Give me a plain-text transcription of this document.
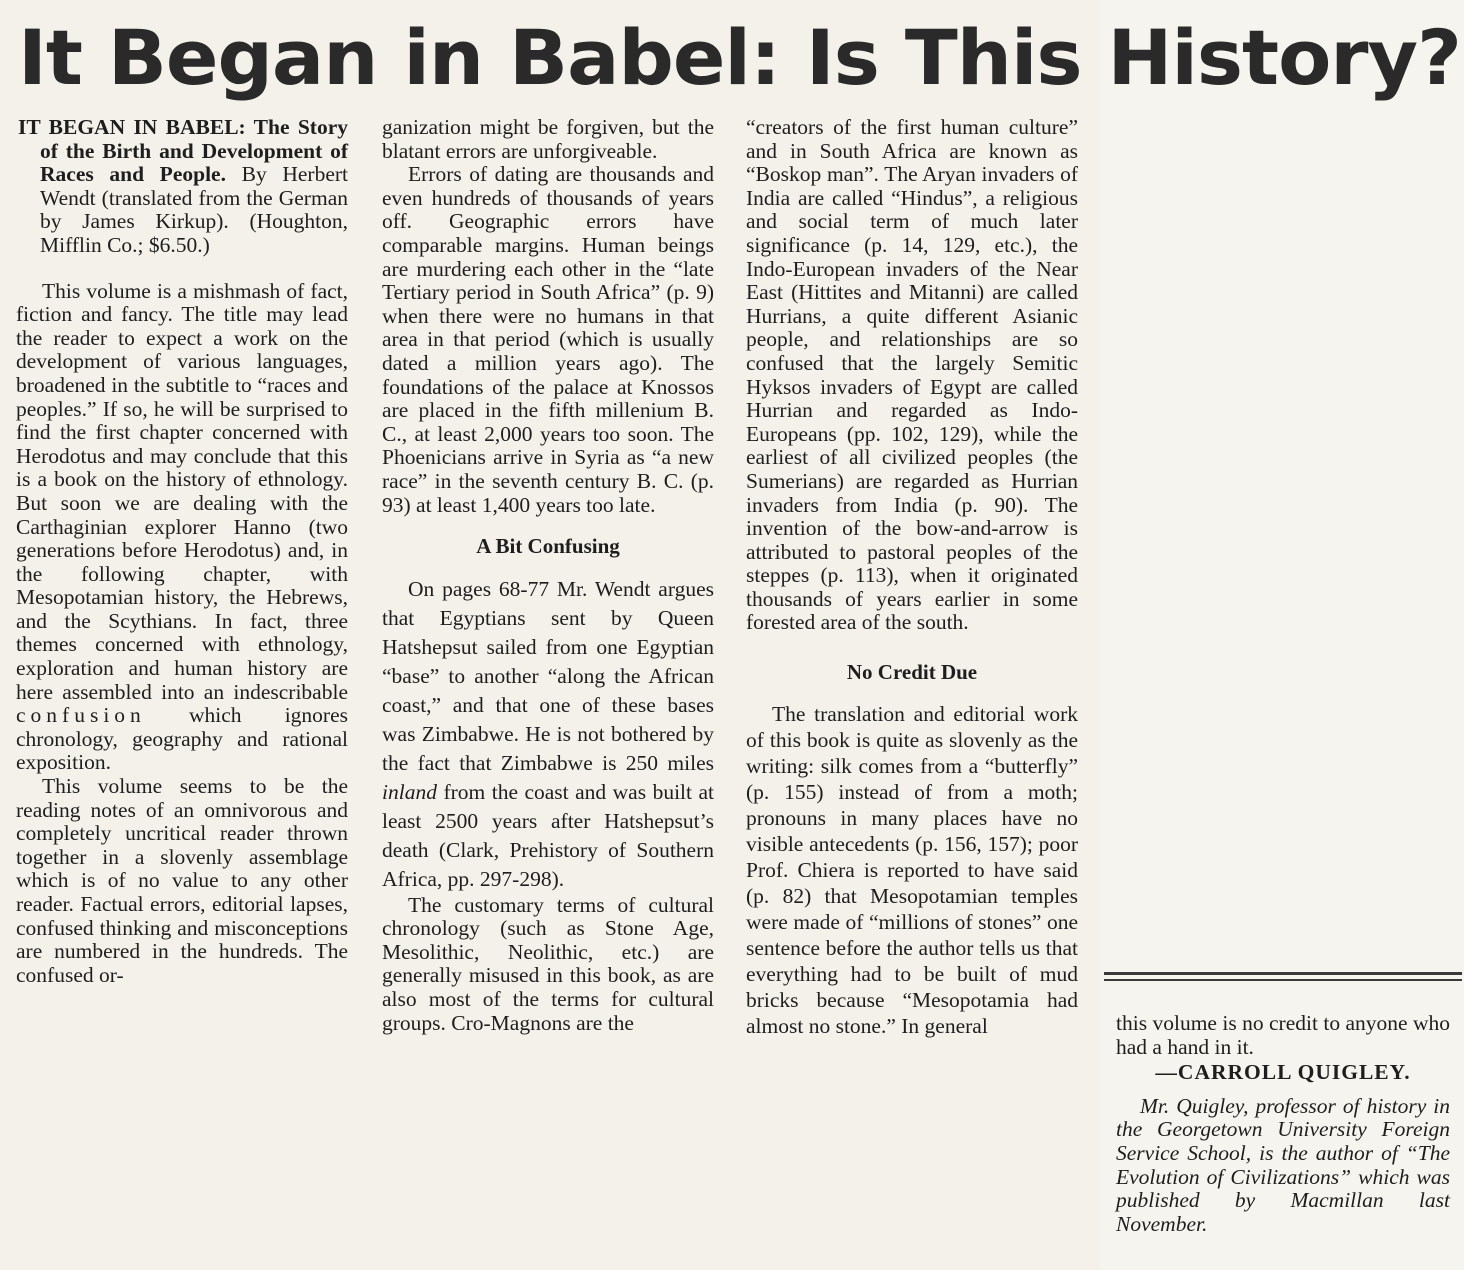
It Began in Babel: Is This History?

IT BEGAN IN BABEL: The Story of the Birth and Development of Races and People. By Herbert Wendt (translated from the German by James Kirkup). (Houghton, Mifflin Co.; $6.50.)

This volume is a mishmash of fact, fiction and fancy. The title may lead the reader to expect a work on the development of various languages, broadened in the subtitle to “races and peoples.” If so, he will be surprised to find the first chapter concerned with Herodotus and may conclude that this is a book on the history of ethnology. But soon we are dealing with the Carthaginian explorer Hanno (two generations before Herodotus) and, in the following chapter, with Mesopotamian history, the Hebrews, and the Scythians. In fact, three themes concerned with ethnology, exploration and human history are here assembled into an indescribable confusion which ignores chronology, geography and rational exposition.

This volume seems to be the reading notes of an omnivorous and completely uncritical reader thrown together in a slovenly assemblage which is of no value to any other reader. Factual errors, editorial lapses, confused thinking and misconceptions are numbered in the hundreds. The confused or-

ganization might be forgiven, but the blatant errors are unforgiveable.

Errors of dating are thousands and even hundreds of thousands of years off. Geographic errors have comparable margins. Human beings are murdering each other in the “late Tertiary period in South Africa” (p. 9) when there were no humans in that area in that period (which is usually dated a million years ago). The foundations of the palace at Knossos are placed in the fifth millenium B. C., at least 2,000 years too soon. The Phoenicians arrive in Syria as “a new race” in the seventh century B. C. (p. 93) at least 1,400 years too late.

A Bit Confusing

On pages 68-77 Mr. Wendt argues that Egyptians sent by Queen Hatshepsut sailed from one Egyptian “base” to another “along the African coast,” and that one of these bases was Zimbabwe. He is not bothered by the fact that Zimbabwe is 250 miles inland from the coast and was built at least 2500 years after Hatshepsut’s death (Clark, Prehistory of Southern Africa, pp. 297-298).

The customary terms of cultural chronology (such as Stone Age, Mesolithic, Neolithic, etc.) are generally misused in this book, as are also most of the terms for cultural groups. Cro-Magnons are the

“creators of the first human culture” and in South Africa are known as “Boskop man”. The Aryan invaders of India are called “Hindus”, a religious and social term of much later significance (p. 14, 129, etc.), the Indo-European invaders of the Near East (Hittites and Mitanni) are called Hurrians, a quite different Asianic people, and relationships are so confused that the largely Semitic Hyksos invaders of Egypt are called Hurrian and regarded as Indo-Europeans (pp. 102, 129), while the earliest of all civilized peoples (the Sumerians) are regarded as Hurrian invaders from India (p. 90). The invention of the bow-and-arrow is attributed to pastoral peoples of the steppes (p. 113), when it originated thousands of years earlier in some forested area of the south.

No Credit Due

The translation and editorial work of this book is quite as slovenly as the writing: silk comes from a “butterfly” (p. 155) instead of from a moth; pronouns in many places have no visible antecedents (p. 156, 157); poor Prof. Chiera is reported to have said (p. 82) that Mesopotamian temples were made of “millions of stones” one sentence before the author tells us that everything had to be built of mud bricks because “Mesopotamia had almost no stone.” In general	this volume is no credit to anyone who had a hand in it.

—CARROLL QUIGLEY.

Mr. Quigley, professor of history in the Georgetown University Foreign Service School, is the author of “The Evolution of Civilizations” which was published by Macmillan last November.
